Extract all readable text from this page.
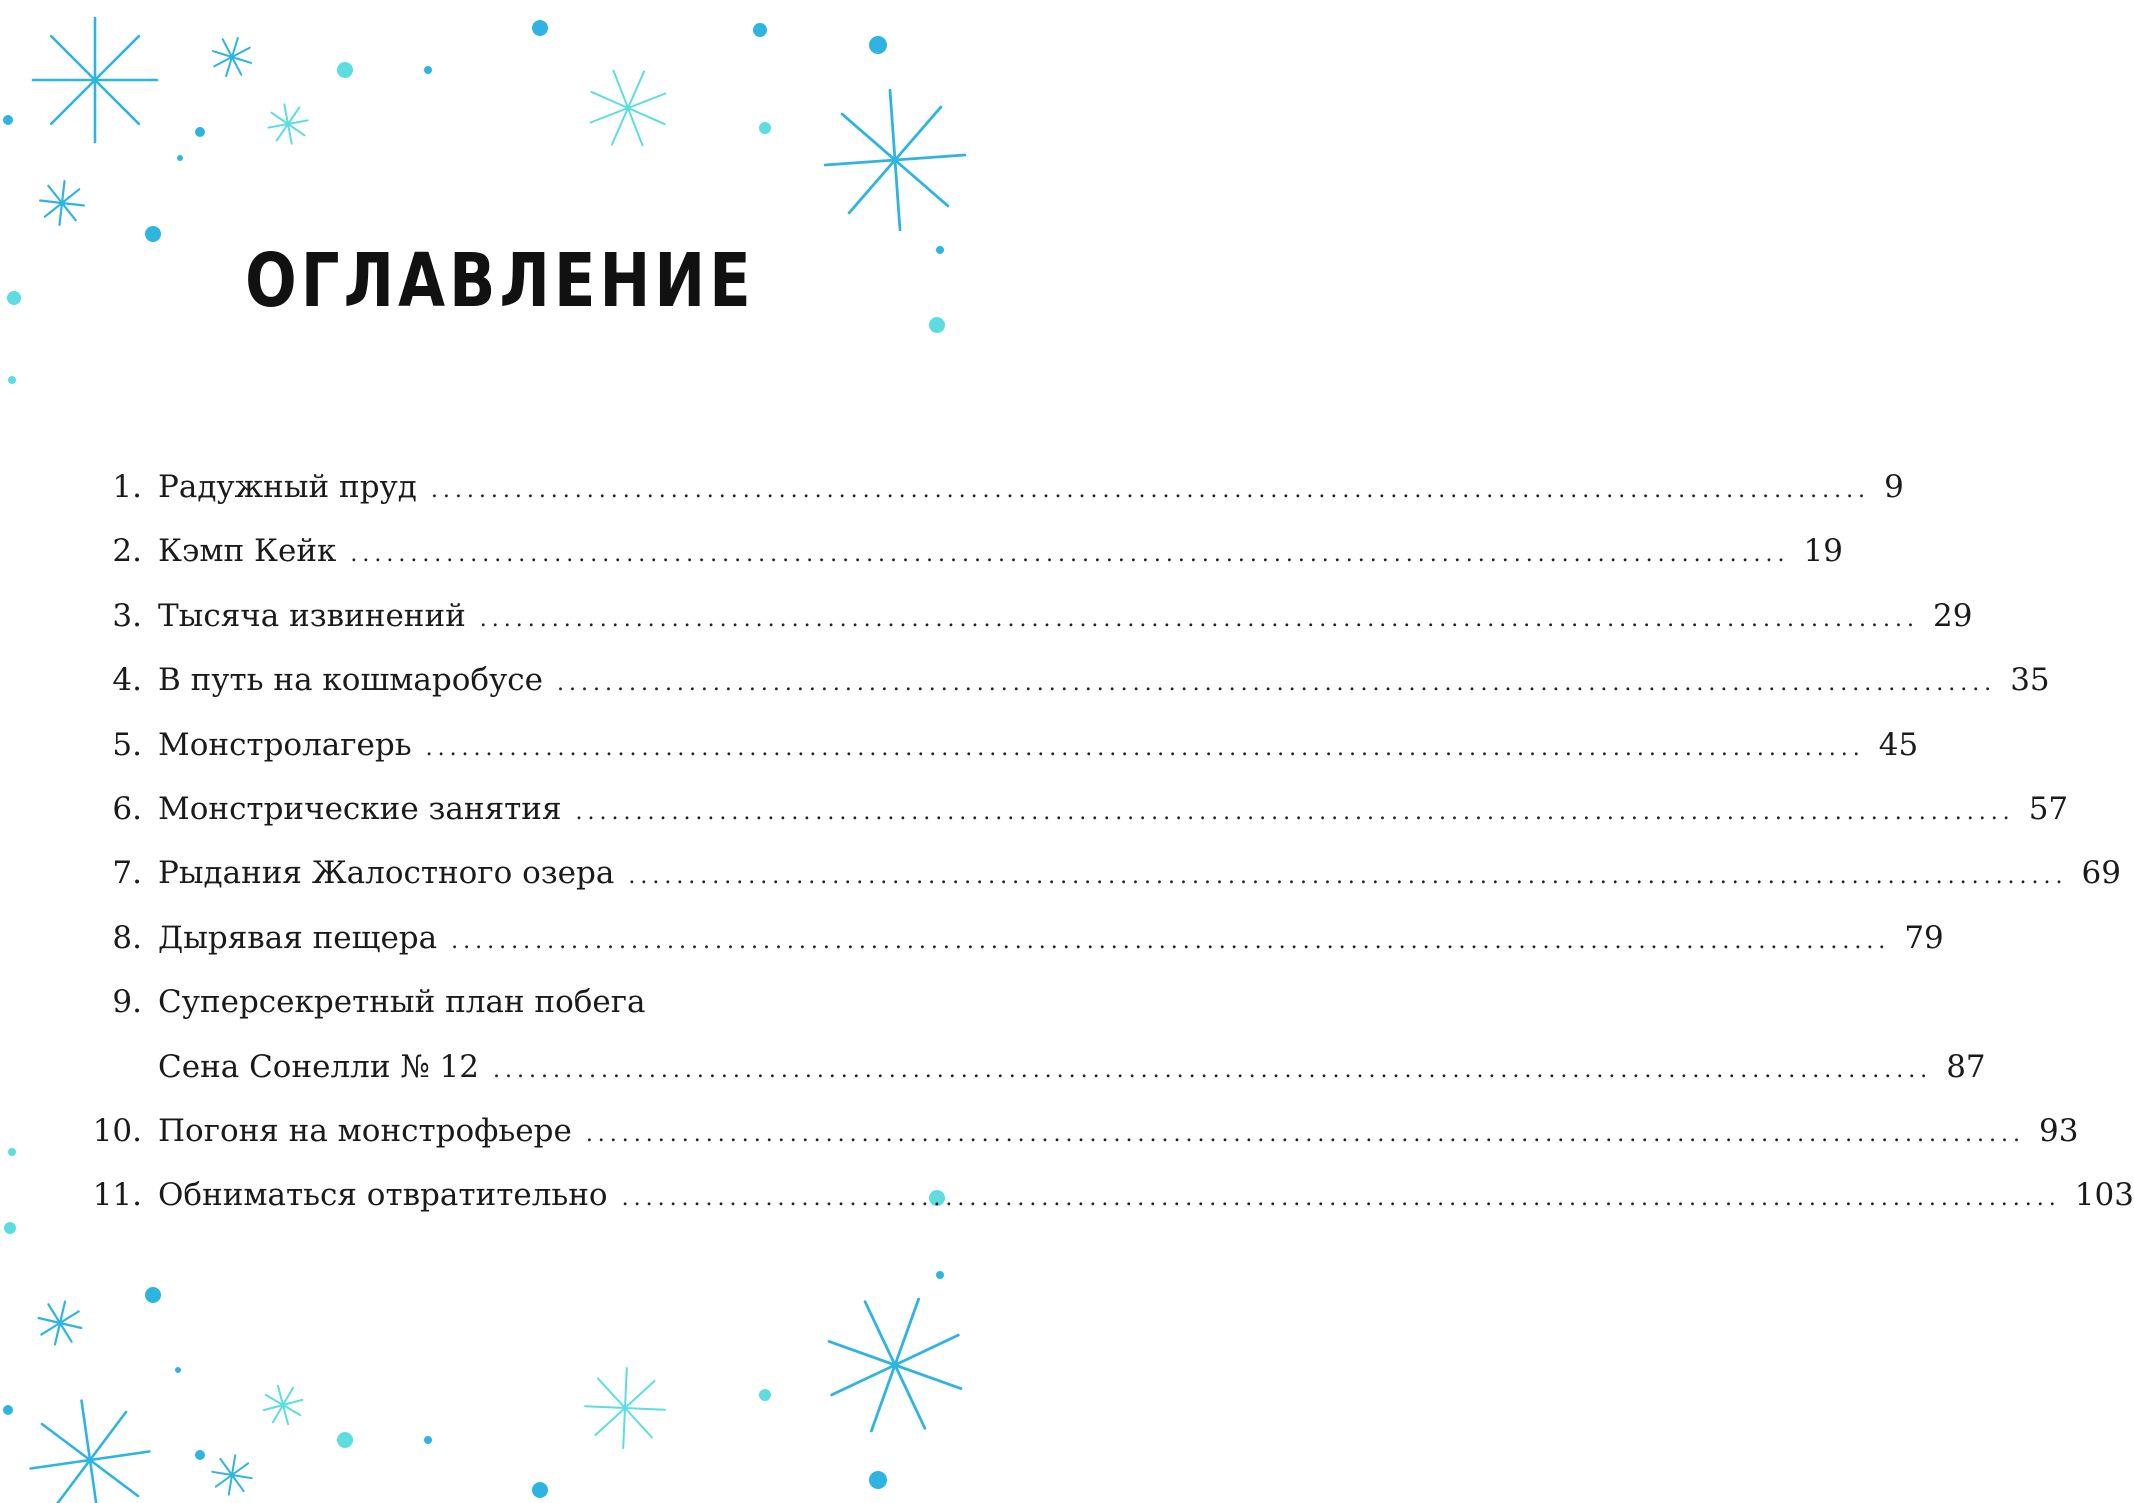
ОГЛАВЛЕНИЕ
1. Радужный пруд ........................................................................................................................ 9
2. Кэмп Кейк ........................................................................................................................ 19
3. Тысяча извинений ........................................................................................................................ 29
4. В путь на кошмаробусе ........................................................................................................................ 35
5. Монстролагерь ........................................................................................................................ 45
6. Монстрические занятия ........................................................................................................................ 57
7. Рыдания Жалостного озера ........................................................................................................................ 69
8. Дырявая пещера ........................................................................................................................ 79
9. Суперсекретный план побега
Сена Сонелли № 12 ........................................................................................................................ 87
10. Погоня на монстрофьере ........................................................................................................................ 93
11. Обниматься отвратительно ........................................................................................................................ 103
